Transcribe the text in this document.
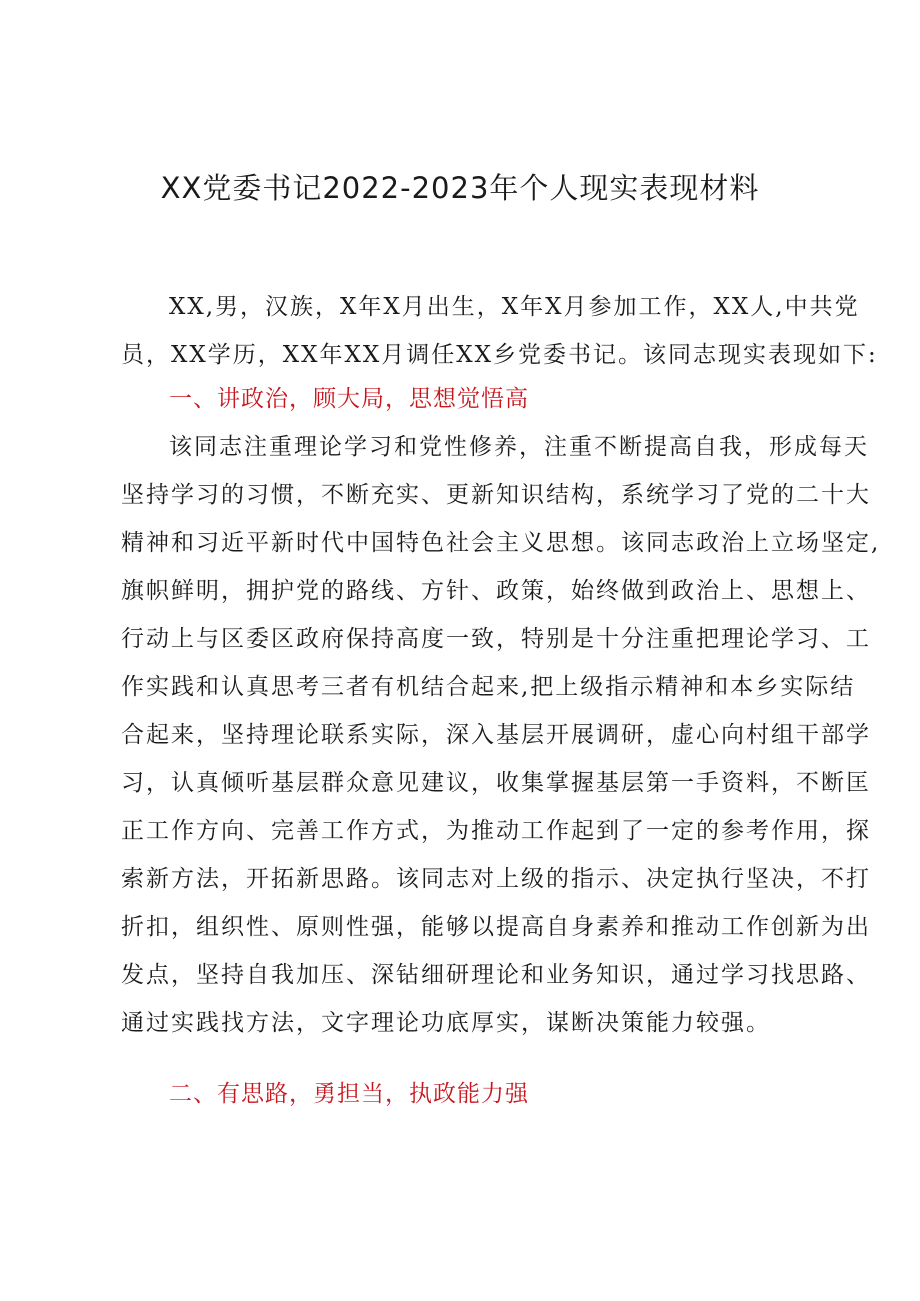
XX党委书记2022-2023年个人现实表现材料
XX,男，汉族，X年X月出生，X年X月参加工作，XX人,中共党
员，XX学历，XX年XX月调任XX乡党委书记。该同志现实表现如下:
一、讲政治，顾大局，思想觉悟高
该同志注重理论学习和党性修养，注重不断提高自我，形成每天
坚持学习的习惯，不断充实、更新知识结构，系统学习了党的二十大
精神和习近平新时代中国特色社会主义思想。该同志政治上立场坚定,
旗帜鲜明，拥护党的路线、方针、政策，始终做到政治上、思想上、
行动上与区委区政府保持高度一致，特别是十分注重把理论学习、工
作实践和认真思考三者有机结合起来,把上级指示精神和本乡实际结
合起来，坚持理论联系实际，深入基层开展调研，虚心向村组干部学
习，认真倾听基层群众意见建议，收集掌握基层第一手资料，不断匡
正工作方向、完善工作方式，为推动工作起到了一定的参考作用，探
索新方法，开拓新思路。该同志对上级的指示、决定执行坚决，不打
折扣，组织性、原则性强，能够以提高自身素养和推动工作创新为出
发点，坚持自我加压、深钻细研理论和业务知识，通过学习找思路、
通过实践找方法，文字理论功底厚实，谋断决策能力较强。
二、有思路，勇担当，执政能力强
